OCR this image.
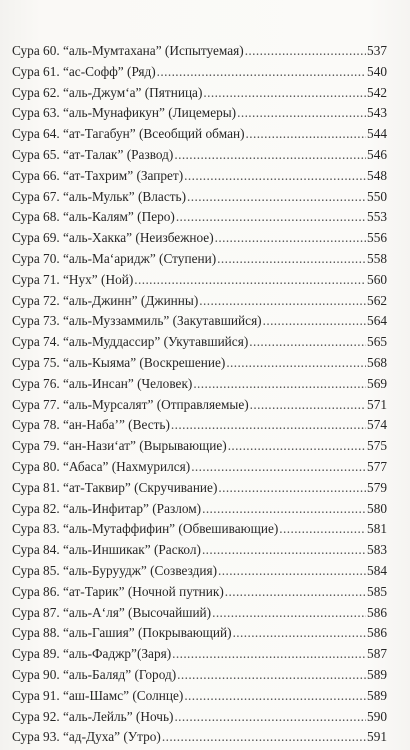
Сура 60. “аль-Мумтахана” (Испытуемая) .....	537
Сура 61. “ас-Софф” (Ряд) .....	540
Сура 62. “аль-Джумʻа” (Пятница) .....	542
Сура 63. “аль-Мунафикун” (Лицемеры) .....	543
Сура 64. “ат-Тагабун” (Всеобщий обман) .....	544
Сура 65. “ат-Талак” (Развод) .....	546
Сура 66. “ат-Тахрим” (Запрет) .....	548
Сура 67. “аль-Мульк” (Власть) .....	550
Сура 68. “аль-Калям” (Перо) .....	553
Сура 69. “аль-Хакка” (Неизбежное) .....	556
Сура 70. “аль-Маʻаридж” (Ступени) .....	558
Сура 71. “Нух” (Ной) .....	560
Сура 72. “аль-Джинн” (Джинны) .....	562
Сура 73. “аль-Муззаммиль” (Закутавшийся) .....	564
Сура 74. “аль-Муддассир” (Укутавшийся) .....	565
Сура 75. “аль-Кыяма” (Воскрешение) .....	568
Сура 76. “аль-Инсан” (Человек) .....	569
Сура 77. “аль-Мурсалят” (Отправляемые) .....	571
Сура 78. “ан-Набаʼ” (Весть) .....	574
Сура 79. “ан-Назиʻат” (Вырывающие) .....	575
Сура 80. “Абаса” (Нахмурился) .....	577
Сура 81. “ат-Таквир” (Скручивание) .....	579
Сура 82. “аль-Инфитар” (Разлом) .....	580
Сура 83. “аль-Мутаффифин” (Обвешивающие) .....	581
Сура 84. “аль-Иншикак” (Раскол) .....	583
Сура 85. “аль-Буруудж” (Созвездия) .....	584
Сура 86. “ат-Тарик” (Ночной путник) .....	585
Сура 87. “аль-Аʻля” (Высочайший) .....	586
Сура 88. “аль-Гашия” (Покрывающий) .....	586
Сура 89. “аль-Фаджр”(Заря) .....	587
Сура 90. “аль-Баляд” (Город) .....	589
Сура 91. “аш-Шамс” (Солнце) .....	589
Сура 92. “аль-Лейль” (Ночь) .....	590
Сура 93. “ад-Духа” (Утро) .....	591
